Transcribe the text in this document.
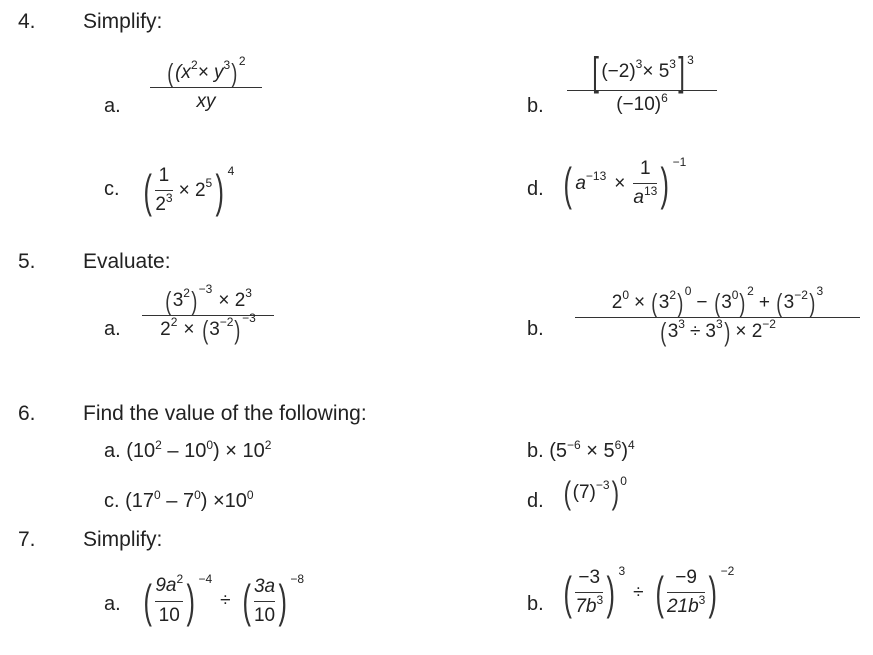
4. Simplify:
a.
( ($x^2 \times y^3$ )$^2$
xy	b.
[ $(-2)^3 \times 5^3$ ]$^3$
$(-10)^6$
c. ( $\frac{1}{2^3} \times 2^5$ ) $^4$
d. ( $a^{-13} \times \frac{1}{a^{13}}$ ) $^{-1}$
5. Evaluate:
a.
( $3^2$ )$^{-3}$
× $2^3$
$2^2$ × ( $3^{-2}$ )$^{-3}$	b.
$2^0$ × ( $3^2$ )$^0$
− ( $3^0$ )$^2$
+ ( $3^{-2}$ )$^3$
( $3^3 \div 3^3$ ) × $2^{-2}$
6. Find the value of the following:
a. $(10^2 - 10^0) \times 10^2$	b. $(5^{-6} \times 5^6)^4$
c. $(17^0 - 7^0) \times 10^0$	d. ( $(7)^{-3}$ )$^0$
7. Simplify:
a. ( $\frac{9a^2}{10}$ ) $^{-4}$
÷ ( $\frac{3a}{10}$ ) $^{-8}$
b. ( $\frac{-3}{7b^3}$ ) $^3$
÷ ( $\frac{-9}{21b^3}$ ) $^{-2}$
